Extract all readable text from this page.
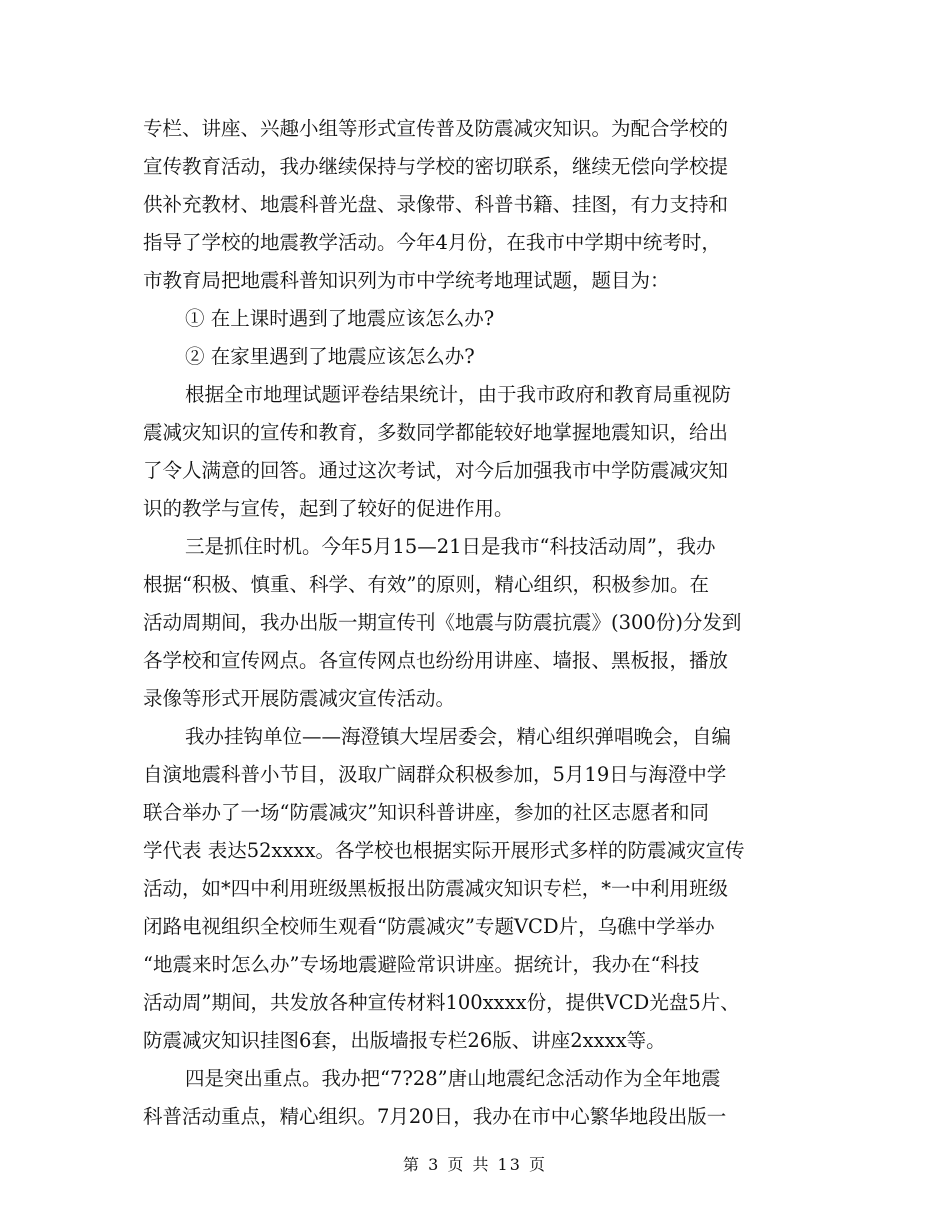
专栏、讲座、兴趣小组等形式宣传普及防震减灾知识。为配合学校的
宣传教育活动，我办继续保持与学校的密切联系，继续无偿向学校提
供补充教材、地震科普光盘、录像带、科普书籍、挂图，有力支持和
指导了学校的地震教学活动。今年4月份，在我市中学期中统考时，
市教育局把地震科普知识列为市中学统考地理试题，题目为：
① 在上课时遇到了地震应该怎么办?
② 在家里遇到了地震应该怎么办?
根据全市地理试题评卷结果统计，由于我市政府和教育局重视防
震减灾知识的宣传和教育，多数同学都能较好地掌握地震知识，给出
了令人满意的回答。通过这次考试，对今后加强我市中学防震减灾知
识的教学与宣传，起到了较好的促进作用。
三是抓住时机。今年5月15—21日是我市“科技活动周”，我办
根据“积极、慎重、科学、有效”的原则，精心组织，积极参加。在
活动周期间，我办出版一期宣传刊《地震与防震抗震》(300份)分发到
各学校和宣传网点。各宣传网点也纷纷用讲座、墙报、黑板报，播放
录像等形式开展防震减灾宣传活动。
我办挂钩单位——海澄镇大埕居委会，精心组织弹唱晚会，自编
自演地震科普小节目，汲取广阔群众积极参加，5月19日与海澄中学
联合举办了一场“防震减灾”知识科普讲座，参加的社区志愿者和同
学代表 表达52xxxx。各学校也根据实际开展形式多样的防震减灾宣传
活动，如*四中利用班级黑板报出防震减灾知识专栏，*一中利用班级
闭路电视组织全校师生观看“防震减灾”专题VCD片，乌礁中学举办
“地震来时怎么办”专场地震避险常识讲座。据统计，我办在“科技
活动周”期间，共发放各种宣传材料100xxxx份，提供VCD光盘5片、
防震减灾知识挂图6套，出版墙报专栏26版、讲座2xxxx等。
四是突出重点。我办把“7?28”唐山地震纪念活动作为全年地震
科普活动重点，精心组织。7月20日，我办在市中心繁华地段出版一
第 3 页 共 13 页
